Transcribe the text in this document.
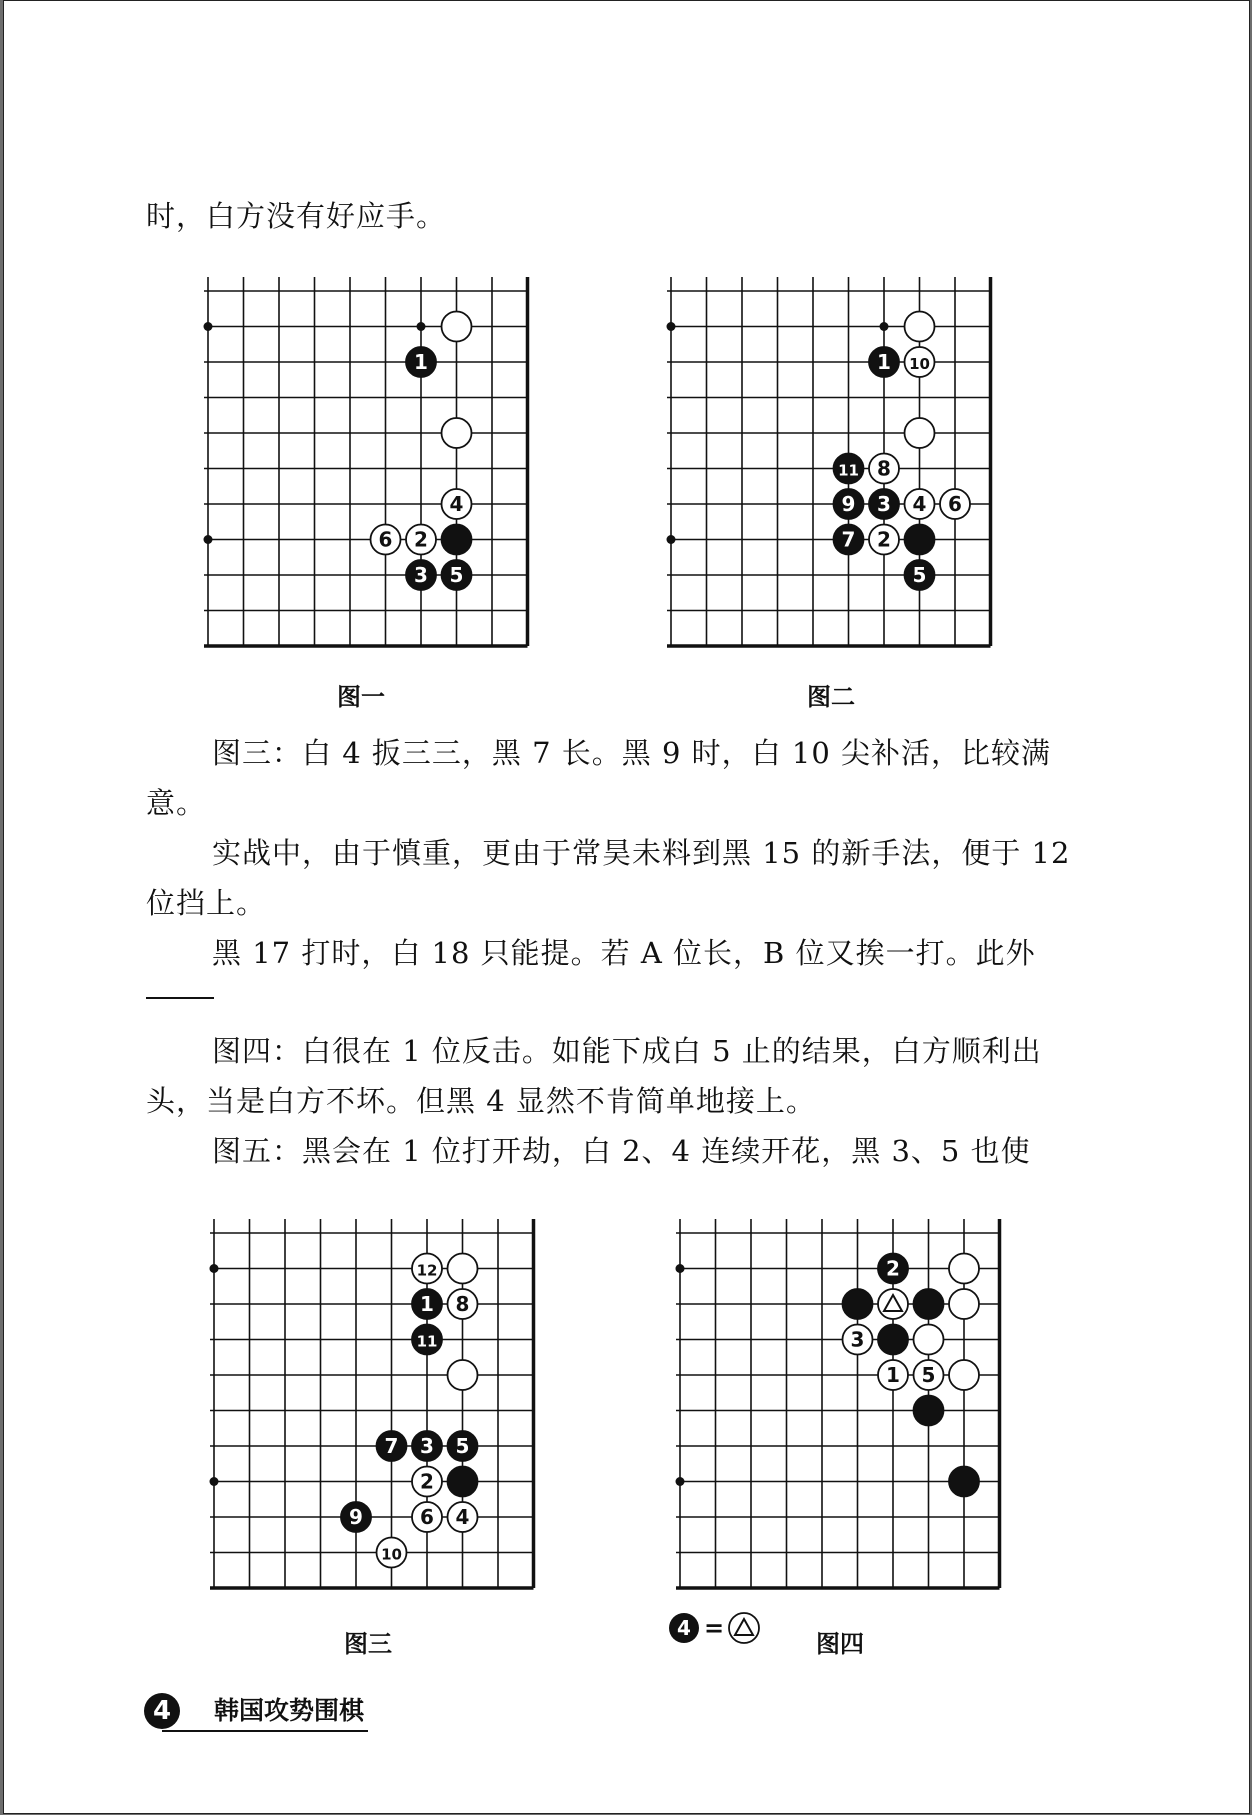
时，白方没有好应手。

1
4
6 2
3 5
图一
1 10
11 8
9 3 4 6
7 2
5
图二

图三：白 4 扳三三，黑 7 长。黑 9 时，白 10 尖补活，比较满意。

实战中，由于慎重，更由于常昊未料到黑 15 的新手法，便于 12 位挡上。

黑 17 打时，白 18 只能提。若 A 位长，B 位又挨一打。此外

图四：白很在 1 位反击。如能下成白 5 止的结果，白方顺利出头，当是白方不坏。但黑 4 显然不肯简单地接上。

图五：黑会在 1 位打开劫，白 2、4 连续开花，黑 3、5 也使

12
1 8
11
7 3 5
2
9	6 4
10
图三
2
3
1 5
4 =
图四
4	韩国攻势围棋
